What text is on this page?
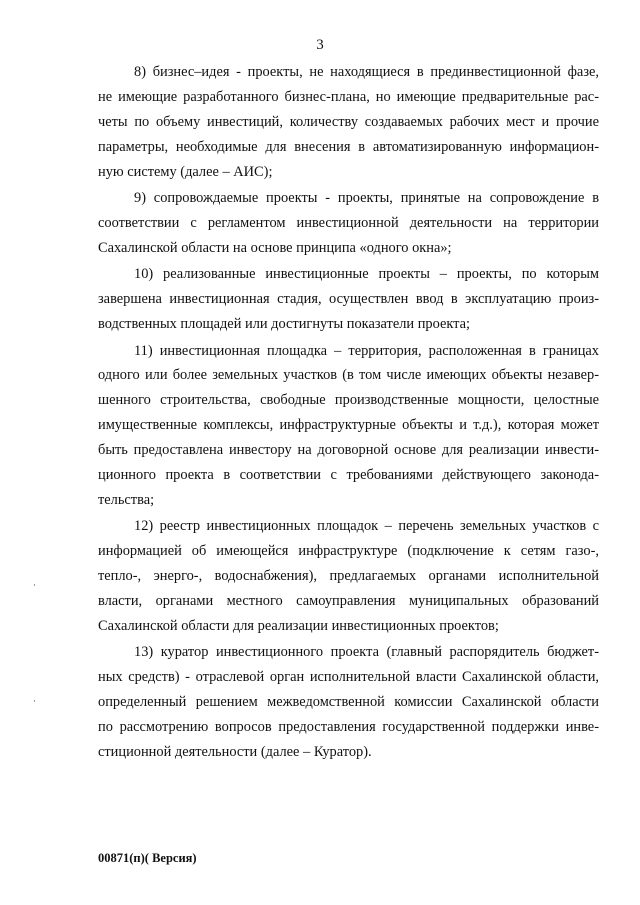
3
8) бизнес–идея - проекты, не находящиеся в прединвестиционной фазе,
не имеющие разработанного бизнес-плана, но имеющие предварительные рас-
четы по объему инвестиций, количеству создаваемых рабочих мест и прочие
параметры, необходимые для внесения в автоматизированную информацион-
ную систему (далее – АИС);
9) сопровождаемые проекты - проекты, принятые на сопровождение в
соответствии с регламентом инвестиционной деятельности на территории
Сахалинской области на основе принципа «одного окна»;
10) реализованные инвестиционные проекты – проекты, по которым
завершена инвестиционная стадия, осуществлен ввод в эксплуатацию произ-
водственных площадей или достигнуты показатели проекта;
11) инвестиционная площадка – территория, расположенная в границах
одного или более земельных участков (в том числе имеющих объекты незавер-
шенного строительства, свободные производственные мощности, целостные
имущественные комплексы, инфраструктурные объекты и т.д.), которая может
быть предоставлена инвестору на договорной основе для реализации инвести-
ционного проекта в соответствии с требованиями действующего законода-
тельства;
12) реестр инвестиционных площадок – перечень земельных участков с
информацией об имеющейся инфраструктуре (подключение к сетям газо-,
тепло-, энерго-, водоснабжения), предлагаемых органами исполнительной
власти, органами местного самоуправления муниципальных образований
Сахалинской области для реализации инвестиционных проектов;
13) куратор инвестиционного проекта (главный распорядитель бюджет-
ных средств) - отраслевой орган исполнительной власти Сахалинской области,
определенный решением межведомственной комиссии Сахалинской области
по рассмотрению вопросов предоставления государственной поддержки инве-
стиционной деятельности (далее – Куратор).
00871(п)( Версия)
